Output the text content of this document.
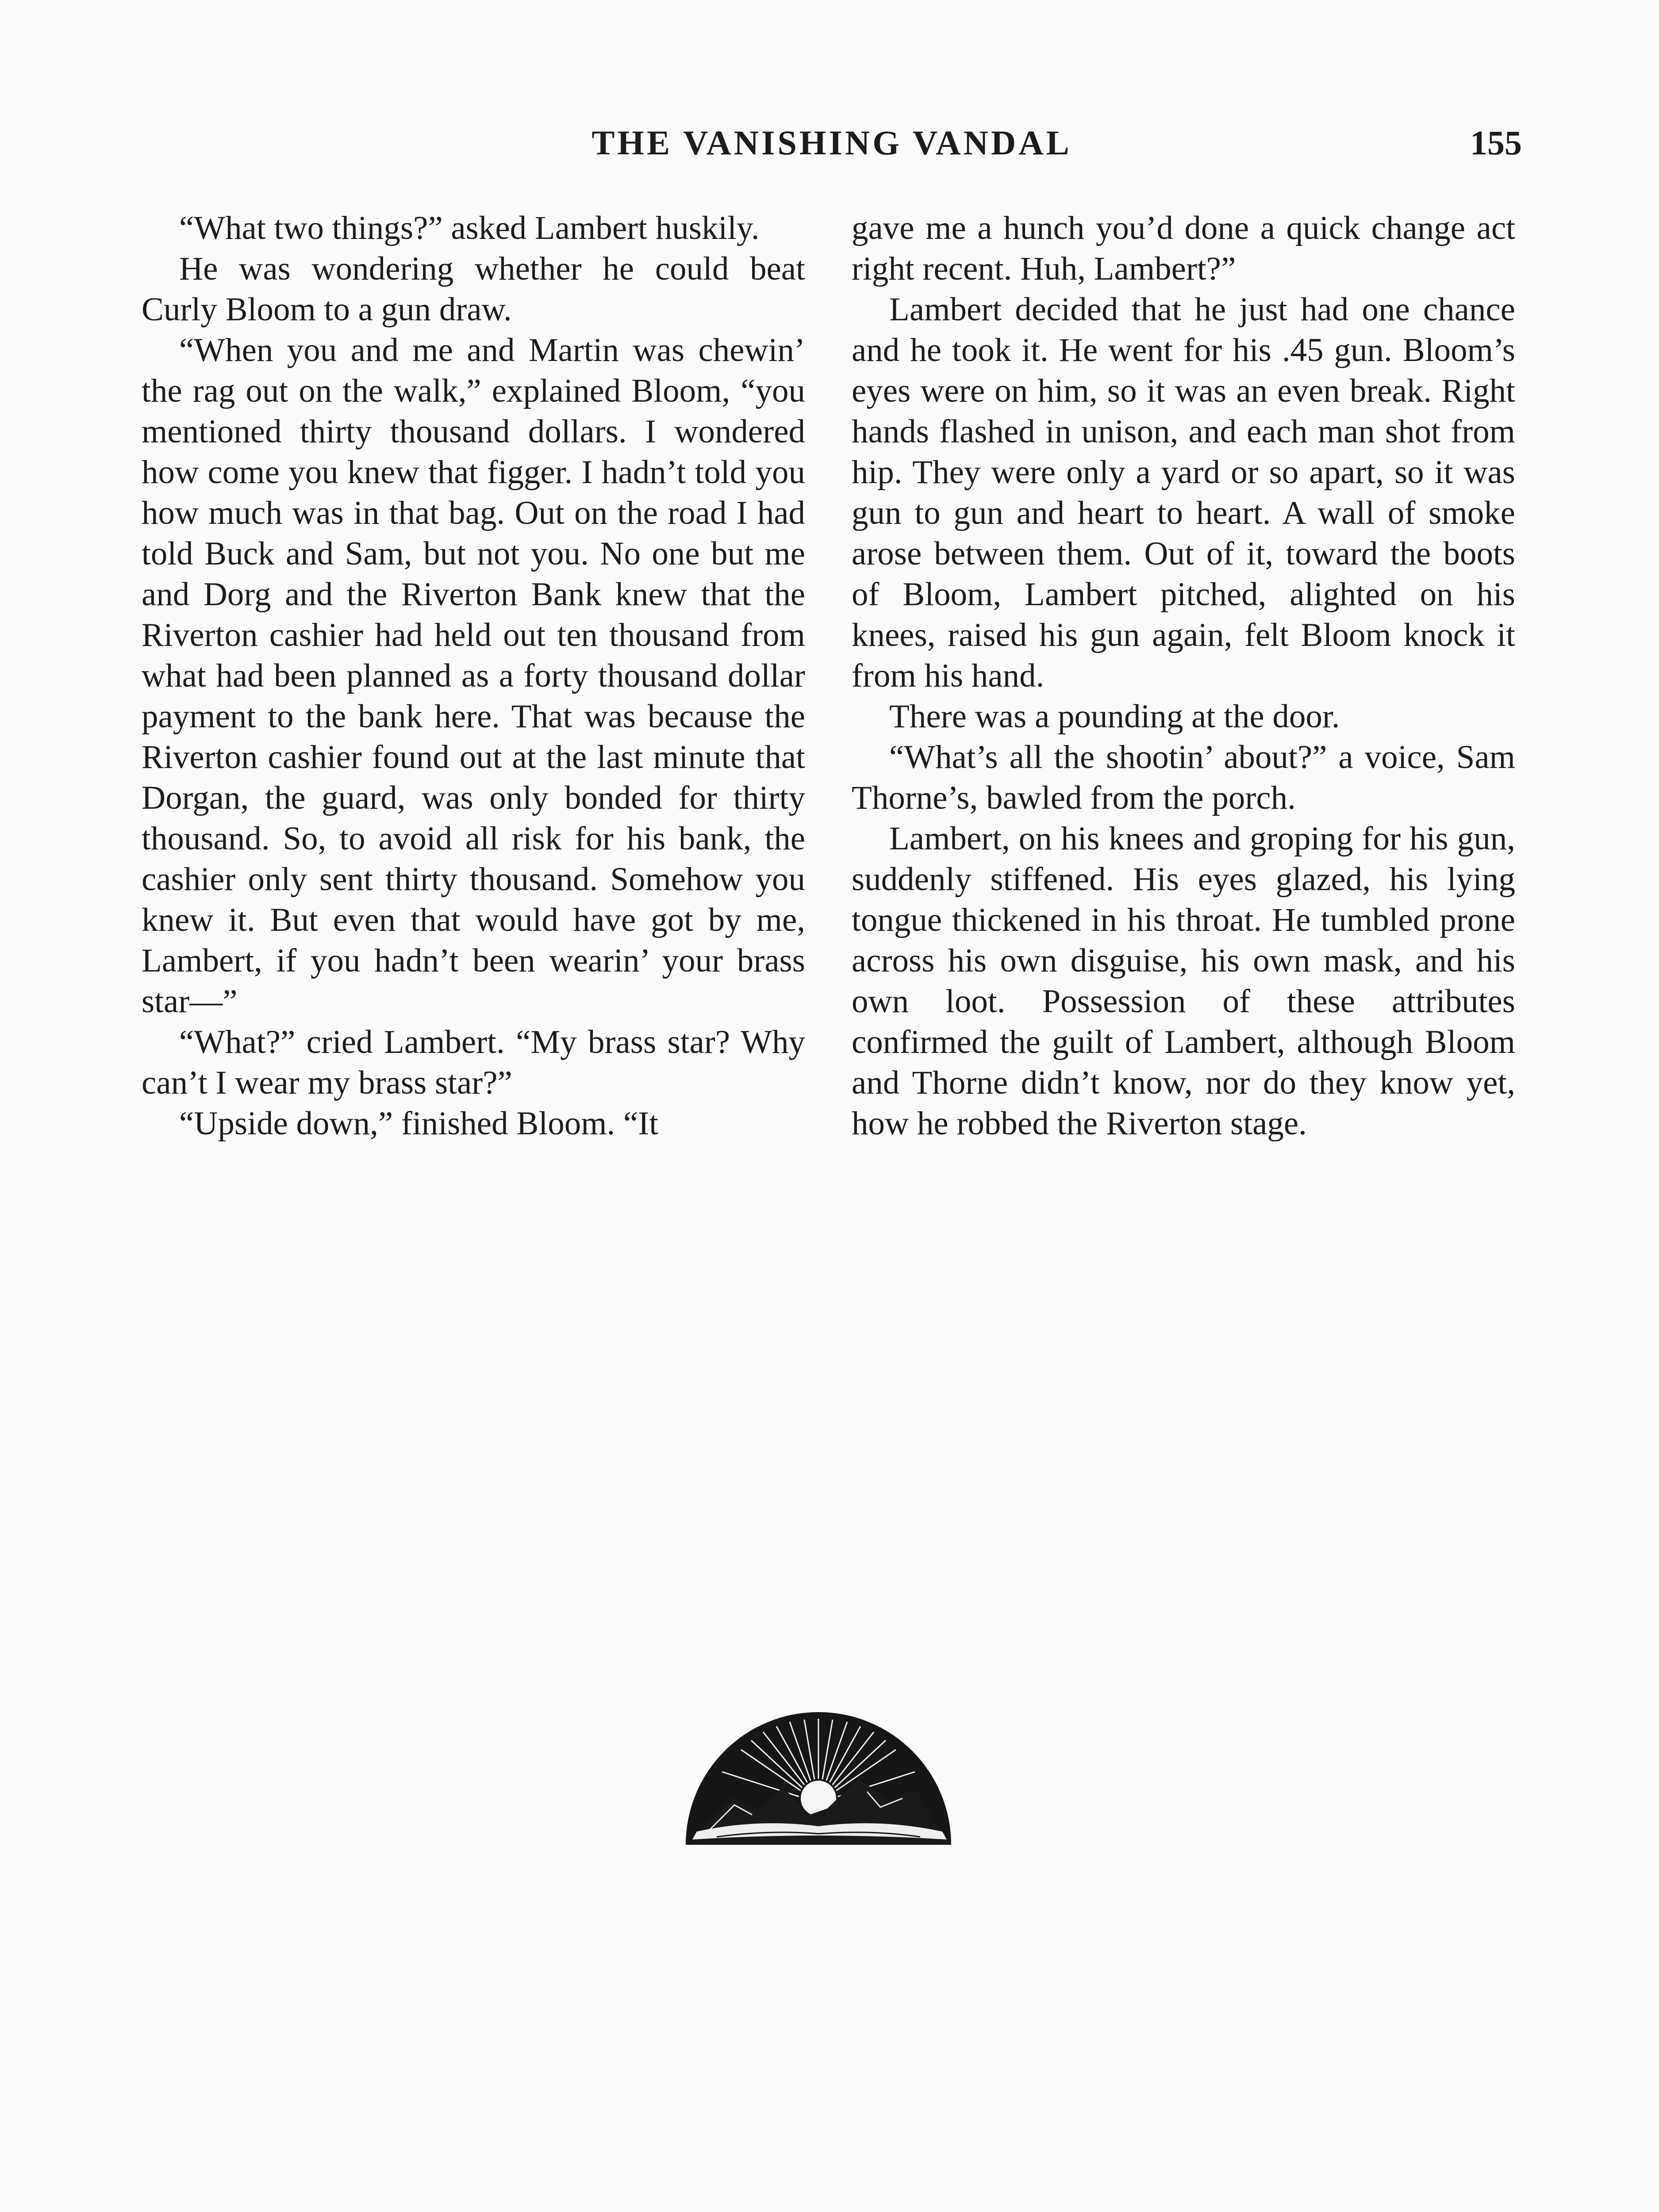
THE VANISHING VANDAL	155

“What two things?” asked Lambert huskily.

He was wondering whether he could beat Curly Bloom to a gun draw.

“When you and me and Martin was chewin’ the rag out on the walk,” explained Bloom, “you mentioned thirty thousand dollars. I wondered how come you knew that figger. I hadn’t told you how much was in that bag. Out on the road I had told Buck and Sam, but not you. No one but me and Dorg and the Riverton Bank knew that the Riverton cashier had held out ten thousand from what had been planned as a forty thousand dollar payment to the bank here. That was because the Riverton cashier found out at the last minute that Dorgan, the guard, was only bonded for thirty thousand. So, to avoid all risk for his bank, the cashier only sent thirty thousand. Somehow you knew it. But even that would have got by me, Lambert, if you hadn’t been wearin’ your brass star—”

“What?” cried Lambert. “My brass star? Why can’t I wear my brass star?”

“Upside down,” finished Bloom. “It

gave me a hunch you’d done a quick change act right recent. Huh, Lambert?”

Lambert decided that he just had one chance and he took it. He went for his .45 gun. Bloom’s eyes were on him, so it was an even break. Right hands flashed in unison, and each man shot from hip. They were only a yard or so apart, so it was gun to gun and heart to heart. A wall of smoke arose between them. Out of it, toward the boots of Bloom, Lambert pitched, alighted on his knees, raised his gun again, felt Bloom knock it from his hand.

There was a pounding at the door.

“What’s all the shootin’ about?” a voice, Sam Thorne’s, bawled from the porch.

Lambert, on his knees and groping for his gun, suddenly stiffened. His eyes glazed, his lying tongue thickened in his throat. He tumbled prone across his own disguise, his own mask, and his own loot. Possession of these attributes confirmed the guilt of Lambert, although Bloom and Thorne didn’t know, nor do they know yet, how he robbed the Riverton stage.
